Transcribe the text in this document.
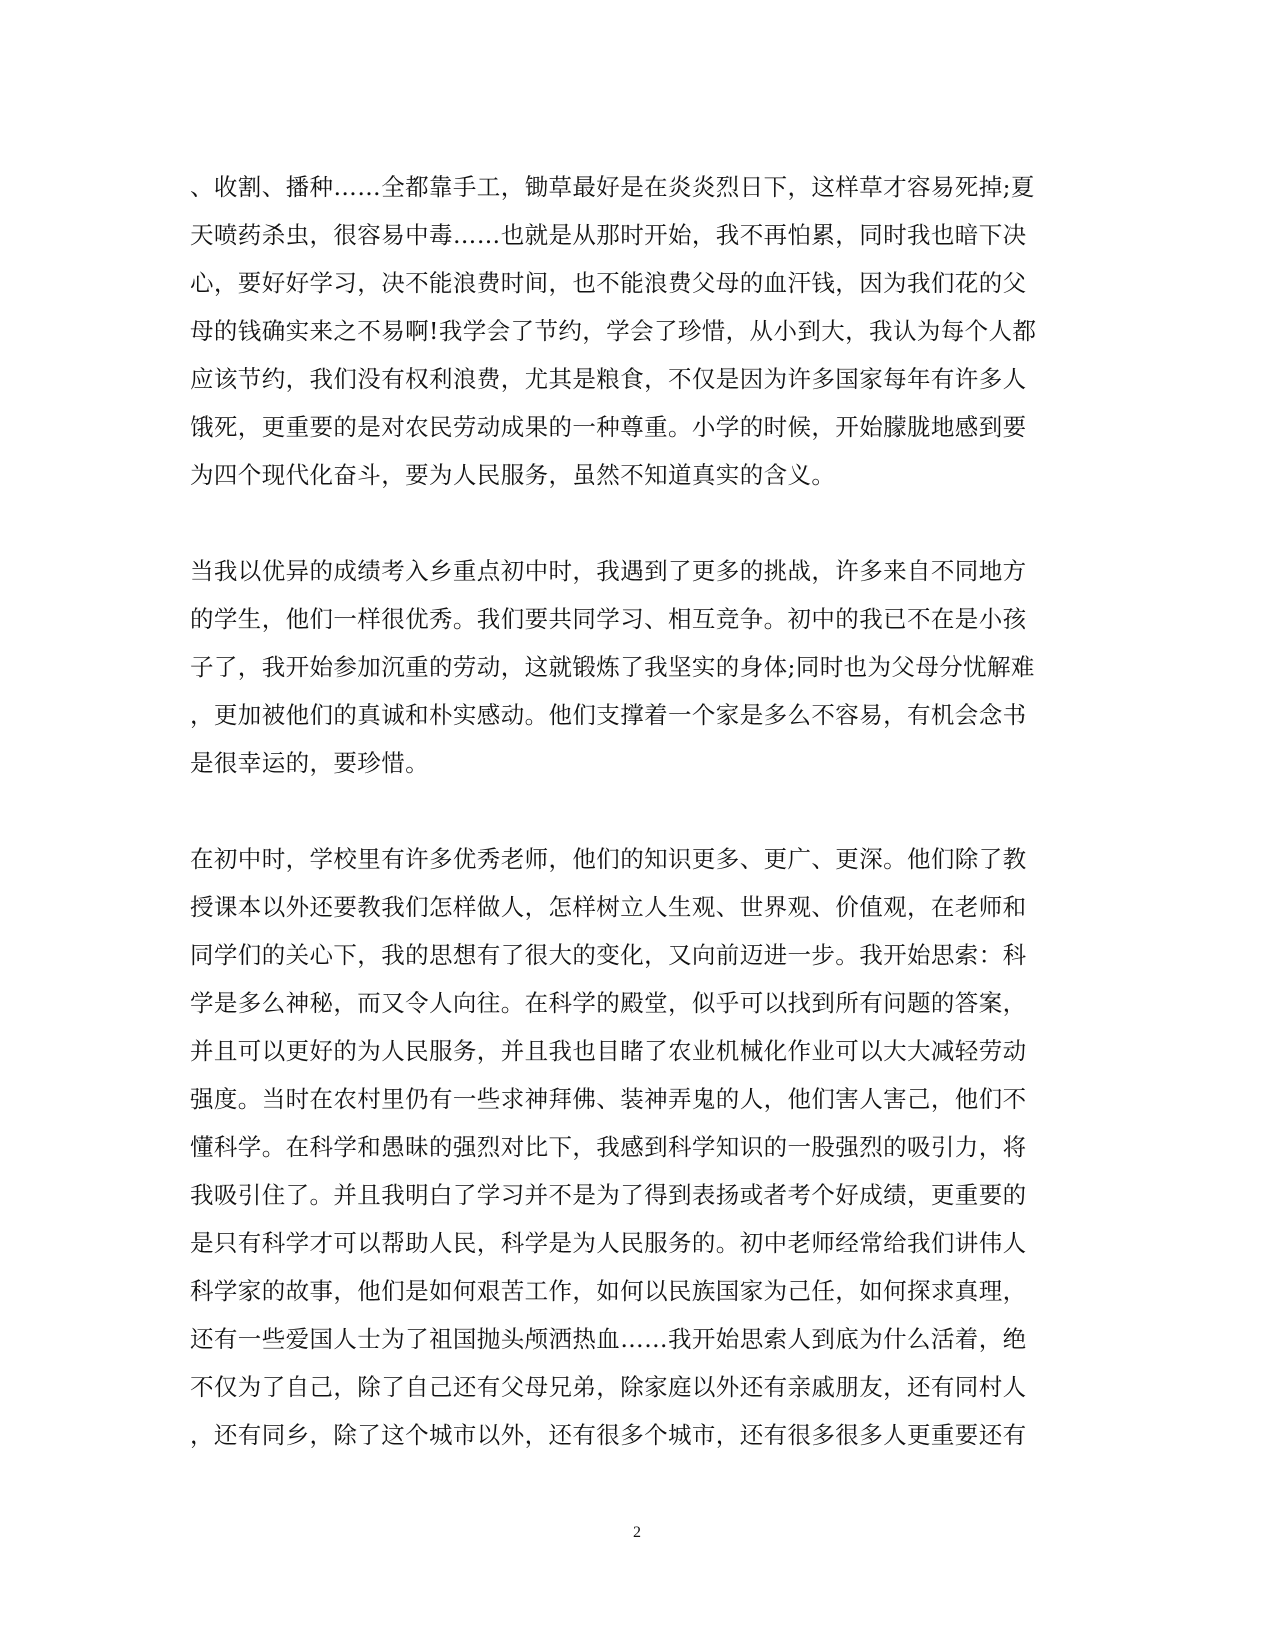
、收割、播种……全都靠手工，锄草最好是在炎炎烈日下，这样草才容易死掉;夏
天喷药杀虫，很容易中毒……也就是从那时开始，我不再怕累，同时我也暗下决
心，要好好学习，决不能浪费时间，也不能浪费父母的血汗钱，因为我们花的父
母的钱确实来之不易啊!我学会了节约，学会了珍惜，从小到大，我认为每个人都
应该节约，我们没有权利浪费，尤其是粮食，不仅是因为许多国家每年有许多人
饿死，更重要的是对农民劳动成果的一种尊重。小学的时候，开始朦胧地感到要
为四个现代化奋斗，要为人民服务，虽然不知道真实的含义。
当我以优异的成绩考入乡重点初中时，我遇到了更多的挑战，许多来自不同地方
的学生，他们一样很优秀。我们要共同学习、相互竞争。初中的我已不在是小孩
子了，我开始参加沉重的劳动，这就锻炼了我坚实的身体;同时也为父母分忧解难
，更加被他们的真诚和朴实感动。他们支撑着一个家是多么不容易，有机会念书
是很幸运的，要珍惜。
在初中时，学校里有许多优秀老师，他们的知识更多、更广、更深。他们除了教
授课本以外还要教我们怎样做人，怎样树立人生观、世界观、价值观，在老师和
同学们的关心下，我的思想有了很大的变化，又向前迈进一步。我开始思索：科
学是多么神秘，而又令人向往。在科学的殿堂，似乎可以找到所有问题的答案，
并且可以更好的为人民服务，并且我也目睹了农业机械化作业可以大大减轻劳动
强度。当时在农村里仍有一些求神拜佛、装神弄鬼的人，他们害人害己，他们不
懂科学。在科学和愚昧的强烈对比下，我感到科学知识的一股强烈的吸引力，将
我吸引住了。并且我明白了学习并不是为了得到表扬或者考个好成绩，更重要的
是只有科学才可以帮助人民，科学是为人民服务的。初中老师经常给我们讲伟人
科学家的故事，他们是如何艰苦工作，如何以民族国家为己任，如何探求真理，
还有一些爱国人士为了祖国抛头颅洒热血……我开始思索人到底为什么活着，绝
不仅为了自己，除了自己还有父母兄弟，除家庭以外还有亲戚朋友，还有同村人
，还有同乡，除了这个城市以外，还有很多个城市，还有很多很多人更重要还有
2
